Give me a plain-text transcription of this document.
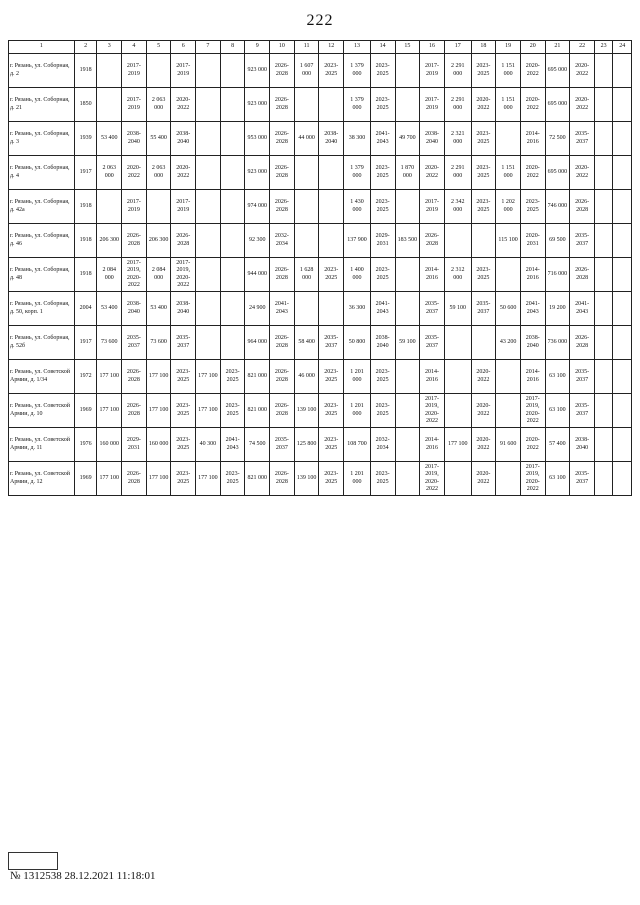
222
1	2	3	4	5	6	7	8	9	10	11	12	13	14	15	16	17	18	19	20	21	22	23	24
г. Рязань, ул. Соборная, д. 2	1918		2017-2019		2017-2019			923 000	2026-2028	1 607 000	2023-2025	1 379 000	2023-2025		2017-2019	2 291 000	2023-2025	1 151 000	2020-2022	695 000	2020-2022		
г. Рязань, ул. Соборная, д. 21	1850		2017-2019	2 063 000	2020-2022			923 000	2026-2028			1 379 000	2023-2025		2017-2019	2 291 000	2020-2022	1 151 000	2020-2022	695 000	2020-2022		
г. Рязань, ул. Соборная, д. 3	1939	53 400	2038-2040	55 400	2038-2040			953 000	2026-2028	44 000	2038-2040	38 300	2041-2043	49 700	2038-2040	2 321 000	2023-2025		2014-2016	72 500	2035-2037		
г. Рязань, ул. Соборная, д. 4	1917	2 063 000	2020-2022	2 063 000	2020-2022			923 000	2026-2028			1 379 000	2023-2025	1 870 000	2020-2022	2 291 000	2023-2025	1 151 000	2020-2022	695 000	2020-2022		
г. Рязань, ул. Соборная, д. 42а	1918		2017-2019		2017-2019			974 000	2026-2028			1 430 000	2023-2025		2017-2019	2 342 000	2023-2025	1 202 000	2023-2025	746 000	2026-2028		
г. Рязань, ул. Соборная, д. 46	1918	206 300	2026-2028	206 300	2026-2028			92 300	2032-2034			137 900	2029-2031	183 500	2026-2028			115 100	2020-2031	69 500	2035-2037		
г. Рязань, ул. Соборная, д. 48	1918	2 084 000	2017-2019, 2020-2022	2 084 000	2017-2019, 2020-2022			944 000	2026-2028	1 628 000	2023-2025	1 400 000	2023-2025		2014-2016	2 312 000	2023-2025		2014-2016	716 000	2026-2028		
г. Рязань, ул. Соборная, д. 50, корп. 1	2004	53 400	2038-2040	53 400	2038-2040			24 900	2041-2043			36 300	2041-2043		2035-2037	59 100	2035-2037	50 600	2041-2043	19 200	2041-2043		
г. Рязань, ул. Соборная, д. 52б	1917	73 600	2035-2037	73 600	2035-2037			964 000	2026-2028	58 400	2035-2037	50 800	2038-2040	59 100	2035-2037			43 200	2038-2040	736 000	2026-2028		
г. Рязань, ул. Советской Армии, д. 1/34	1972	177 100	2026-2028	177 100	2023-2025	177 100	2023-2025	821 000	2026-2028	46 000	2023-2025	1 201 000	2023-2025		2014-2016		2020-2022		2014-2016	63 100	2035-2037		
г. Рязань, ул. Советской Армии, д. 10	1969	177 100	2026-2028	177 100	2023-2025	177 100	2023-2025	821 000	2026-2028	139 100	2023-2025	1 201 000	2023-2025		2017-2019, 2020-2022		2020-2022		2017-2019, 2020-2022	63 100	2035-2037		
г. Рязань, ул. Советской Армии, д. 11	1976	160 000	2029-2031	160 000	2023-2025	40 300	2041-2043	74 500	2035-2037	125 800	2023-2025	108 700	2032-2034		2014-2016	177 100	2020-2022	91 600	2020-2022	57 400	2038-2040		
г. Рязань, ул. Советской Армии, д. 12	1969	177 100	2026-2028	177 100	2023-2025	177 100	2023-2025	821 000	2026-2028	139 100	2023-2025	1 201 000	2023-2025		2017-2019, 2020-2022		2020-2022		2017-2019, 2020-2022	63 100	2035-2037		
№ 1312538 28.12.2021 11:18:01
